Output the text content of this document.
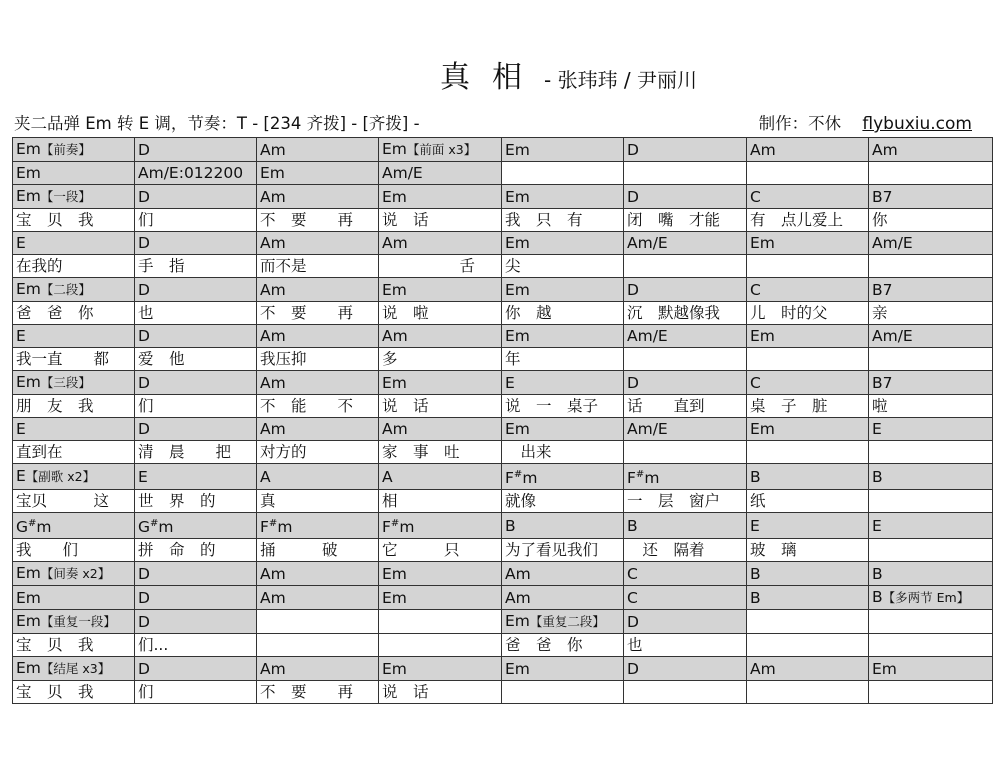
真相 - 张玮玮 / 尹丽川
夹二品弹 Em 转 E 调，节奏：T - [234 齐拨] - [齐拨] -	制作：不休 flybuxiu.com
Em【前奏】	D	Am	Em【前面 x3】	Em	D	Am	Am
Em	Am/E:012200	Em	Am/E				
Em【一段】	D	Am	Em	Em	D	C	B7
宝　贝　我	们	不　要　　再	说　话	我　只　有	闭　嘴　才能	有　点儿爱上	你
E	D	Am	Am	Em	Am/E	Em	Am/E
在我的	手　指	而不是	　　　　　舌	尖			
Em【二段】	D	Am	Em	Em	D	C	B7
爸　爸　你	也	不　要　　再	说　啦	你　越	沉　默越像我	儿　时的父	亲
E	D	Am	Am	Em	Am/E	Em	Am/E
我一直　　都	爱　他	我压抑	多	年			
Em【三段】	D	Am	Em	E	D	C	B7
朋　友　我	们	不　能　　不	说　话	说　一　桌子	话　　直到	桌　子　脏	啦
E	D	Am	Am	Em	Am/E	Em	E
直到在	清　晨　　把	对方的	家　事　吐	　出来			
E【副歌 x2】	E	A	A	F#m	F#m	B	B
宝贝　　　这	世　界　的	真	相	就像	一　层　窗户	纸	
G#m	G#m	F#m	F#m	B	B	E	E
我　　们	拼　命　的	捅　　　破	它　　　只	为了看见我们	　还　隔着	玻　璃	
Em【间奏 x2】	D	Am	Em	Am	C	B	B
Em	D	Am	Em	Am	C	B	B【多两节 Em】
Em【重复一段】	D			Em【重复二段】	D		
宝　贝　我	们...			爸　爸　你	也		
Em【结尾 x3】	D	Am	Em	Em	D	Am	Em
宝　贝　我	们	不　要　　再	说　话				
